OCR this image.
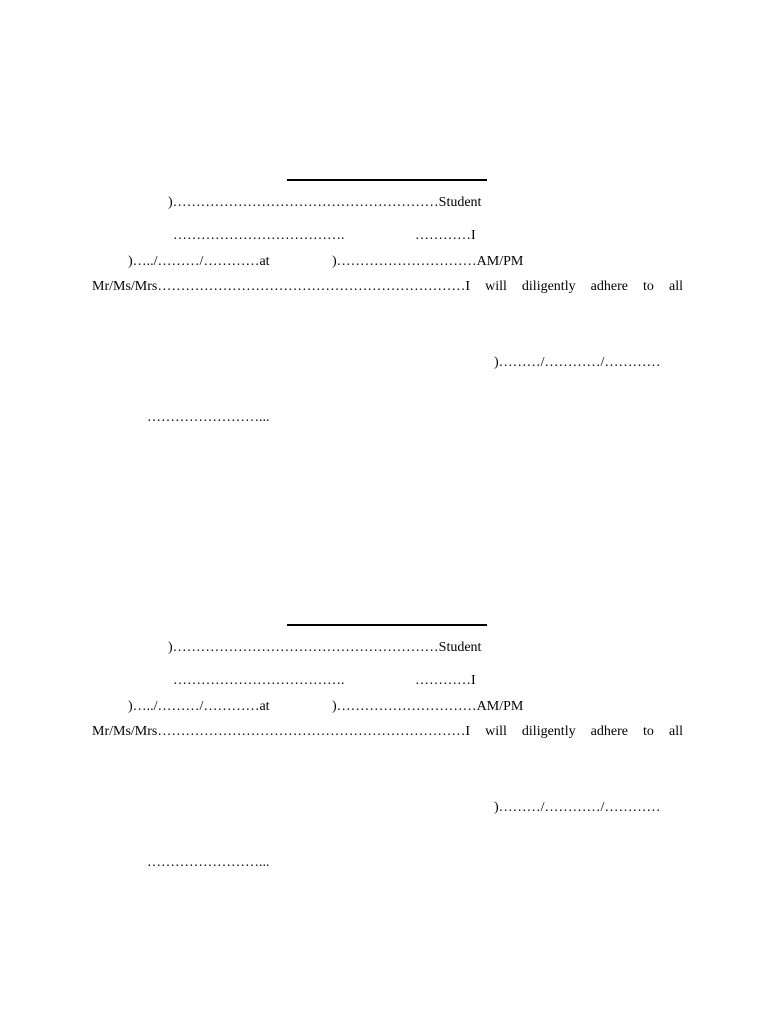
)…………………………………………………Student
……………………………….	…………I
)…../………/…………at	)…………………………AM/PM
Mr/Ms/Mrs…………………………………………………………I will diligently adhere to all
)………/…………/…………
……………………...
)…………………………………………………Student
……………………………….	…………I
)…../………/…………at	)…………………………AM/PM
Mr/Ms/Mrs…………………………………………………………I will diligently adhere to all
)………/…………/…………
……………………...
